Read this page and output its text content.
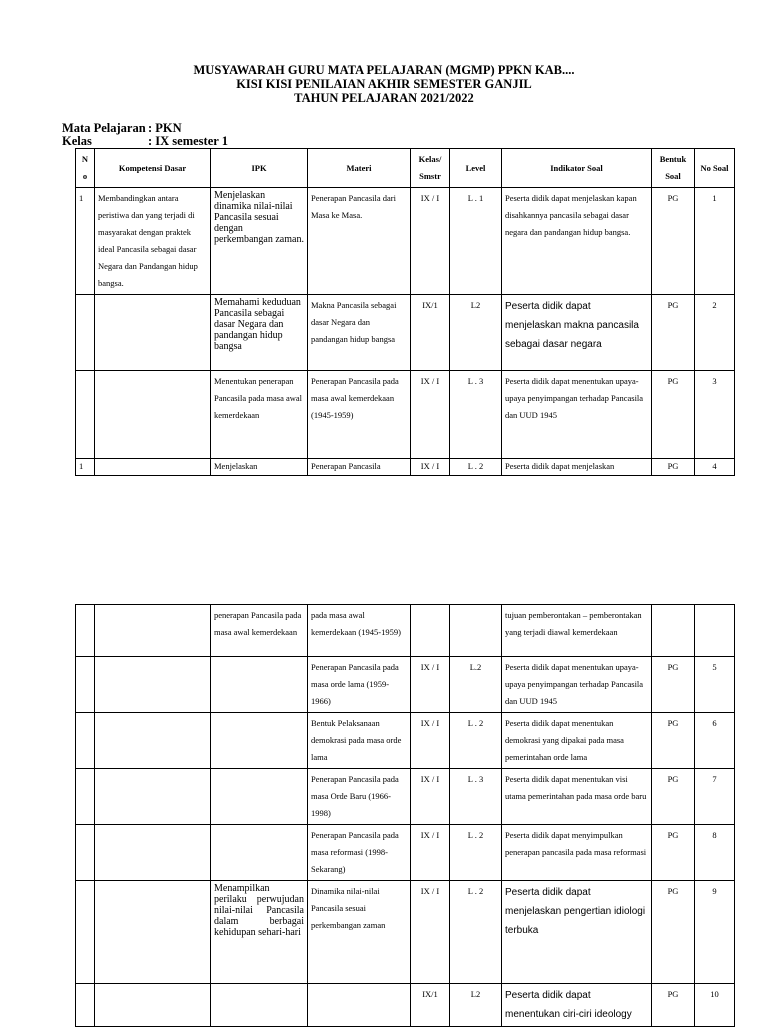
MUSYAWARAH GURU MATA PELAJARAN (MGMP) PPKN KAB....
KISI KISI PENILAIAN AKHIR SEMESTER GANJIL
TAHUN PELAJARAN 2021/2022
Mata Pelajaran : PKN
Kelas	: IX semester 1
N o	Kompetensi Dasar	IPK	Materi	Kelas/ Smstr	Level	Indikator Soal	Bentuk Soal	No Soal
1	Membandingkan antara peristiwa dan yang terjadi di masyarakat dengan praktek ideal Pancasila sebagai dasar Negara dan Pandangan hidup bangsa.	Menjelaskan dinamika nilai-nilai Pancasila sesuai dengan perkembangan zaman.	Penerapan Pancasila dari Masa ke Masa.	IX / I	L . 1	Peserta didik dapat menjelaskan kapan disahkannya pancasila sebagai dasar negara dan pandangan hidup bangsa.	PG	1
		Memahami keduduan Pancasila sebagai dasar Negara dan pandangan hidup bangsa	Makna Pancasila sebagai dasar Negara dan pandangan hidup bangsa	IX/1	L2	Peserta didik dapat menjelaskan makna pancasila sebagai dasar negara	PG	2
		Menentukan penerapan Pancasila pada masa awal kemerdekaan	Penerapan Pancasila pada masa awal kemerdekaan (1945-1959)	IX / I	L . 3	Peserta didik dapat menentukan upaya- upaya penyimpangan terhadap Pancasila dan UUD 1945	PG	3
1		Menjelaskan	Penerapan Pancasila	IX / I	L . 2	Peserta didik dapat menjelaskan	PG	4
		penerapan Pancasila pada masa awal kemerdekaan	pada masa awal kemerdekaan (1945-1959)			tujuan pemberontakan – pemberontakan yang terjadi diawal kemerdekaan		
			Penerapan Pancasila pada masa orde lama (1959-1966)	IX / I	L.2	Peserta didik dapat menentukan upaya- upaya penyimpangan terhadap Pancasila dan UUD 1945	PG	5
			Bentuk Pelaksanaan demokrasi pada masa orde lama	IX / I	L . 2	Peserta didik dapat menentukan demokrasi yang dipakai pada masa pemerintahan orde lama	PG	6
			Penerapan Pancasila pada masa Orde Baru (1966-1998)	IX / I	L . 3	Peserta didik dapat menentukan visi utama pemerintahan pada masa orde baru	PG	7
			Penerapan Pancasila pada masa reformasi (1998- Sekarang)	IX / I	L . 2	Peserta didik dapat menyimpulkan penerapan pancasila pada masa reformasi	PG	8
		Menampilkan perilaku perwujudan nilai-nilai Pancasila dalam berbagai kehidupan sehari-hari	Dinamika nilai-nilai Pancasila sesuai perkembangan zaman	IX / I	L . 2	Peserta didik dapat menjelaskan pengertian idiologi terbuka	PG	9
				IX/1	L2	Peserta didik dapat menentukan ciri-ciri ideology	PG	10
